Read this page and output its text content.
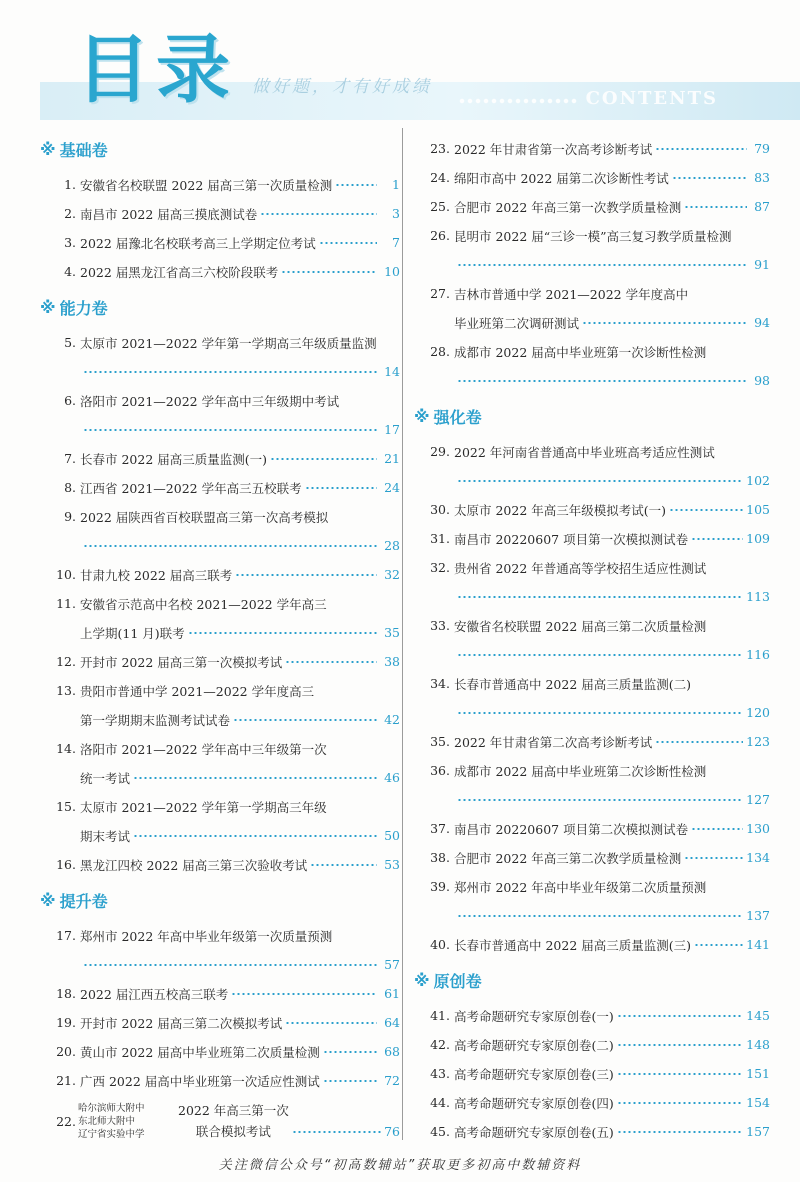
目录 做好题，才有好成绩
CONTENTS
※ 基础卷
1. 安徽省名校联盟 2022 届高三第一次质量检测	1
2. 南昌市 2022 届高三摸底测试卷	3
3. 2022 届豫北名校联考高三上学期定位考试	7
4. 2022 届黑龙江省高三六校阶段联考	10
※ 能力卷
5. 太原市 2021—2022 学年第一学期高三年级质量监测
14
6. 洛阳市 2021—2022 学年高中三年级期中考试
17
7. 长春市 2022 届高三质量监测(一)	21
8. 江西省 2021—2022 学年高三五校联考	24
9. 2022 届陕西省百校联盟高三第一次高考模拟
28
10. 甘肃九校 2022 届高三联考	32
11. 安徽省示范高中名校 2021—2022 学年高三
上学期(11 月)联考	35
12. 开封市 2022 届高三第一次模拟考试	38
13. 贵阳市普通中学 2021—2022 学年度高三
第一学期期末监测考试试卷	42
14. 洛阳市 2021—2022 学年高中三年级第一次
统一考试	46
15. 太原市 2021—2022 学年第一学期高三年级
期末考试	50
16. 黑龙江四校 2022 届高三第三次验收考试	53
※ 提升卷
17. 郑州市 2022 年高中毕业年级第一次质量预测
57
18. 2022 届江西五校高三联考	61
19. 开封市 2022 届高三第二次模拟考试	64
20. 黄山市 2022 届高中毕业班第二次质量检测	68
21. 广西 2022 届高中毕业班第一次适应性测试	72
22.
哈尔滨师大附中
东北师大附中
辽宁省实验中学
2022 年高三第一次
联合模拟考试	76
23. 2022 年甘肃省第一次高考诊断考试	79
24. 绵阳市高中 2022 届第二次诊断性考试	83
25. 合肥市 2022 年高三第一次教学质量检测	87
26. 昆明市 2022 届“三诊一模”高三复习教学质量检测
91
27. 吉林市普通中学 2021—2022 学年度高中
毕业班第二次调研测试	94
28. 成都市 2022 届高中毕业班第一次诊断性检测
98
※ 强化卷
29. 2022 年河南省普通高中毕业班高考适应性测试
102
30. 太原市 2022 年高三年级模拟考试(一)	105
31. 南昌市 20220607 项目第一次模拟测试卷	109
32. 贵州省 2022 年普通高等学校招生适应性测试
113
33. 安徽省名校联盟 2022 届高三第二次质量检测
116
34. 长春市普通高中 2022 届高三质量监测(二)
120
35. 2022 年甘肃省第二次高考诊断考试	123
36. 成都市 2022 届高中毕业班第二次诊断性检测
127
37. 南昌市 20220607 项目第二次模拟测试卷	130
38. 合肥市 2022 年高三第二次教学质量检测	134
39. 郑州市 2022 年高中毕业年级第二次质量预测
137
40. 长春市普通高中 2022 届高三质量监测(三)	141
※ 原创卷
41. 高考命题研究专家原创卷(一)	145
42. 高考命题研究专家原创卷(二)	148
43. 高考命题研究专家原创卷(三)	151
44. 高考命题研究专家原创卷(四)	154
45. 高考命题研究专家原创卷(五)	157
关注微信公众号“初高数辅站”获取更多初高中数辅资料
